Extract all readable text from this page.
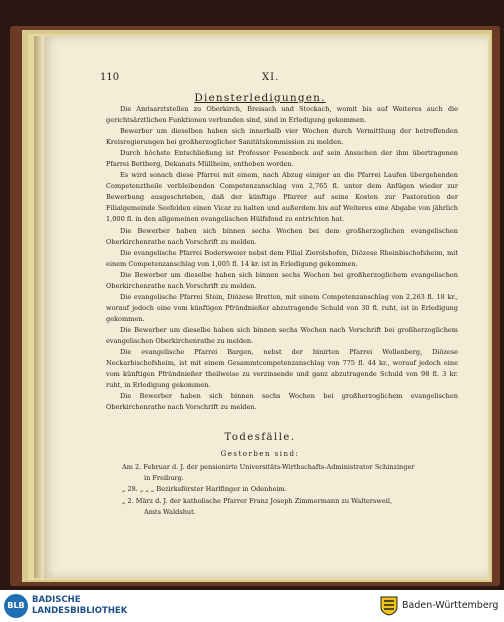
110	XI.
Diensterledigungen.

Die Amtsarztstellen zu Oberkirch, Breisach und Stockach, womit bis auf Weiteres auch die gerichtsärztlichen Funktionen verbunden sind, sind in Erledigung gekommen.

Bewerber um dieselben haben sich innerhalb vier Wochen durch Vermittlung der betreffenden Kreisregierungen bei großherzoglicher Sanitätskommission zu melden.

Durch höchste Entschließung ist Professor Fesenbeck auf sein Ansuchen der ihm übertragenen Pfarrei Bettberg, Dekanats Müllheim, enthoben worden.

Es wird sonach diese Pfarrei mit einem, nach Abzug einiger an die Pfarrei Laufen übergehenden Competenztheile verbleibenden Competenzanschlag von 2,765 fl. unter dem Anfügen wieder zur Bewerbung ausgeschrieben, daß der künftige Pfarrer auf seine Kosten zur Pastoration der Filialgemeinde Seefelden einen Vicar zu halten und außerdem bis auf Weiteres eine Abgabe von jährlich 1,000 fl. in den allgemeinen evangelischen Hülfsfond zu entrichten hat.

Die Bewerber haben sich binnen sechs Wochen bei dem großherzoglichen evangelischen Oberkirchenrathe nach Vorschrift zu melden.

Die evangelische Pfarrei Bodersweier nebst dem Filial Zierolshofen, Diözese Rheinbischofsheim, mit einem Competenzanschlag von 1,005 fl. 14 kr. ist in Erledigung gekommen.

Die Bewerber um dieselbe haben sich binnen sechs Wochen bei großherzoglichem evangelischen Oberkirchenrathe nach Vorschrift zu melden.

Die evangelische Pfarrei Stein, Diözese Bretten, mit einem Competenzanschlag von 2,263 fl. 18 kr., worauf jedoch eine vom künftigen Pfründnießer abzutragende Schuld von 30 fl. ruht, ist in Erledigung gekommen.

Die Bewerber um dieselbe haben sich binnen sechs Wochen nach Vorschrift bei großherzoglichem evangelischen Oberkirchenrathe zu melden.

Die evangelische Pfarrei Bargen, nebst der binirten Pfarrei Wollenberg, Diözese Neckarbischofsheim, ist mit einem Gesammtcompetenzanschlag von 775 fl. 44 kr., worauf jedoch eine vom künftigen Pfründnießer theilweise zu verzinsende und ganz abzutragende Schuld von 98 fl. 3 kr. ruht, in Erledigung gekommen.

Die Bewerber haben sich binnen sechs Wochen bei großherzoglichem evangelischen Oberkirchenrathe nach Vorschrift zu melden.

Todesfälle.
Gestorben sind:
Am 2. Februar d. J. der pensionirte Universitäts-Wirthschafts-Administrator Schinzinger
in Freiburg.
„ 28. „ „ „ Bezirksförster Harlfinger in Odenheim.
„ 2. März d. J. der katholische Pfarrer Franz Joseph Zimmermann zu Walterswеil,
Amts Waldshut.
BLB
BADISCHE
LANDESBIBLIOTHEK	Baden-Württemberg
